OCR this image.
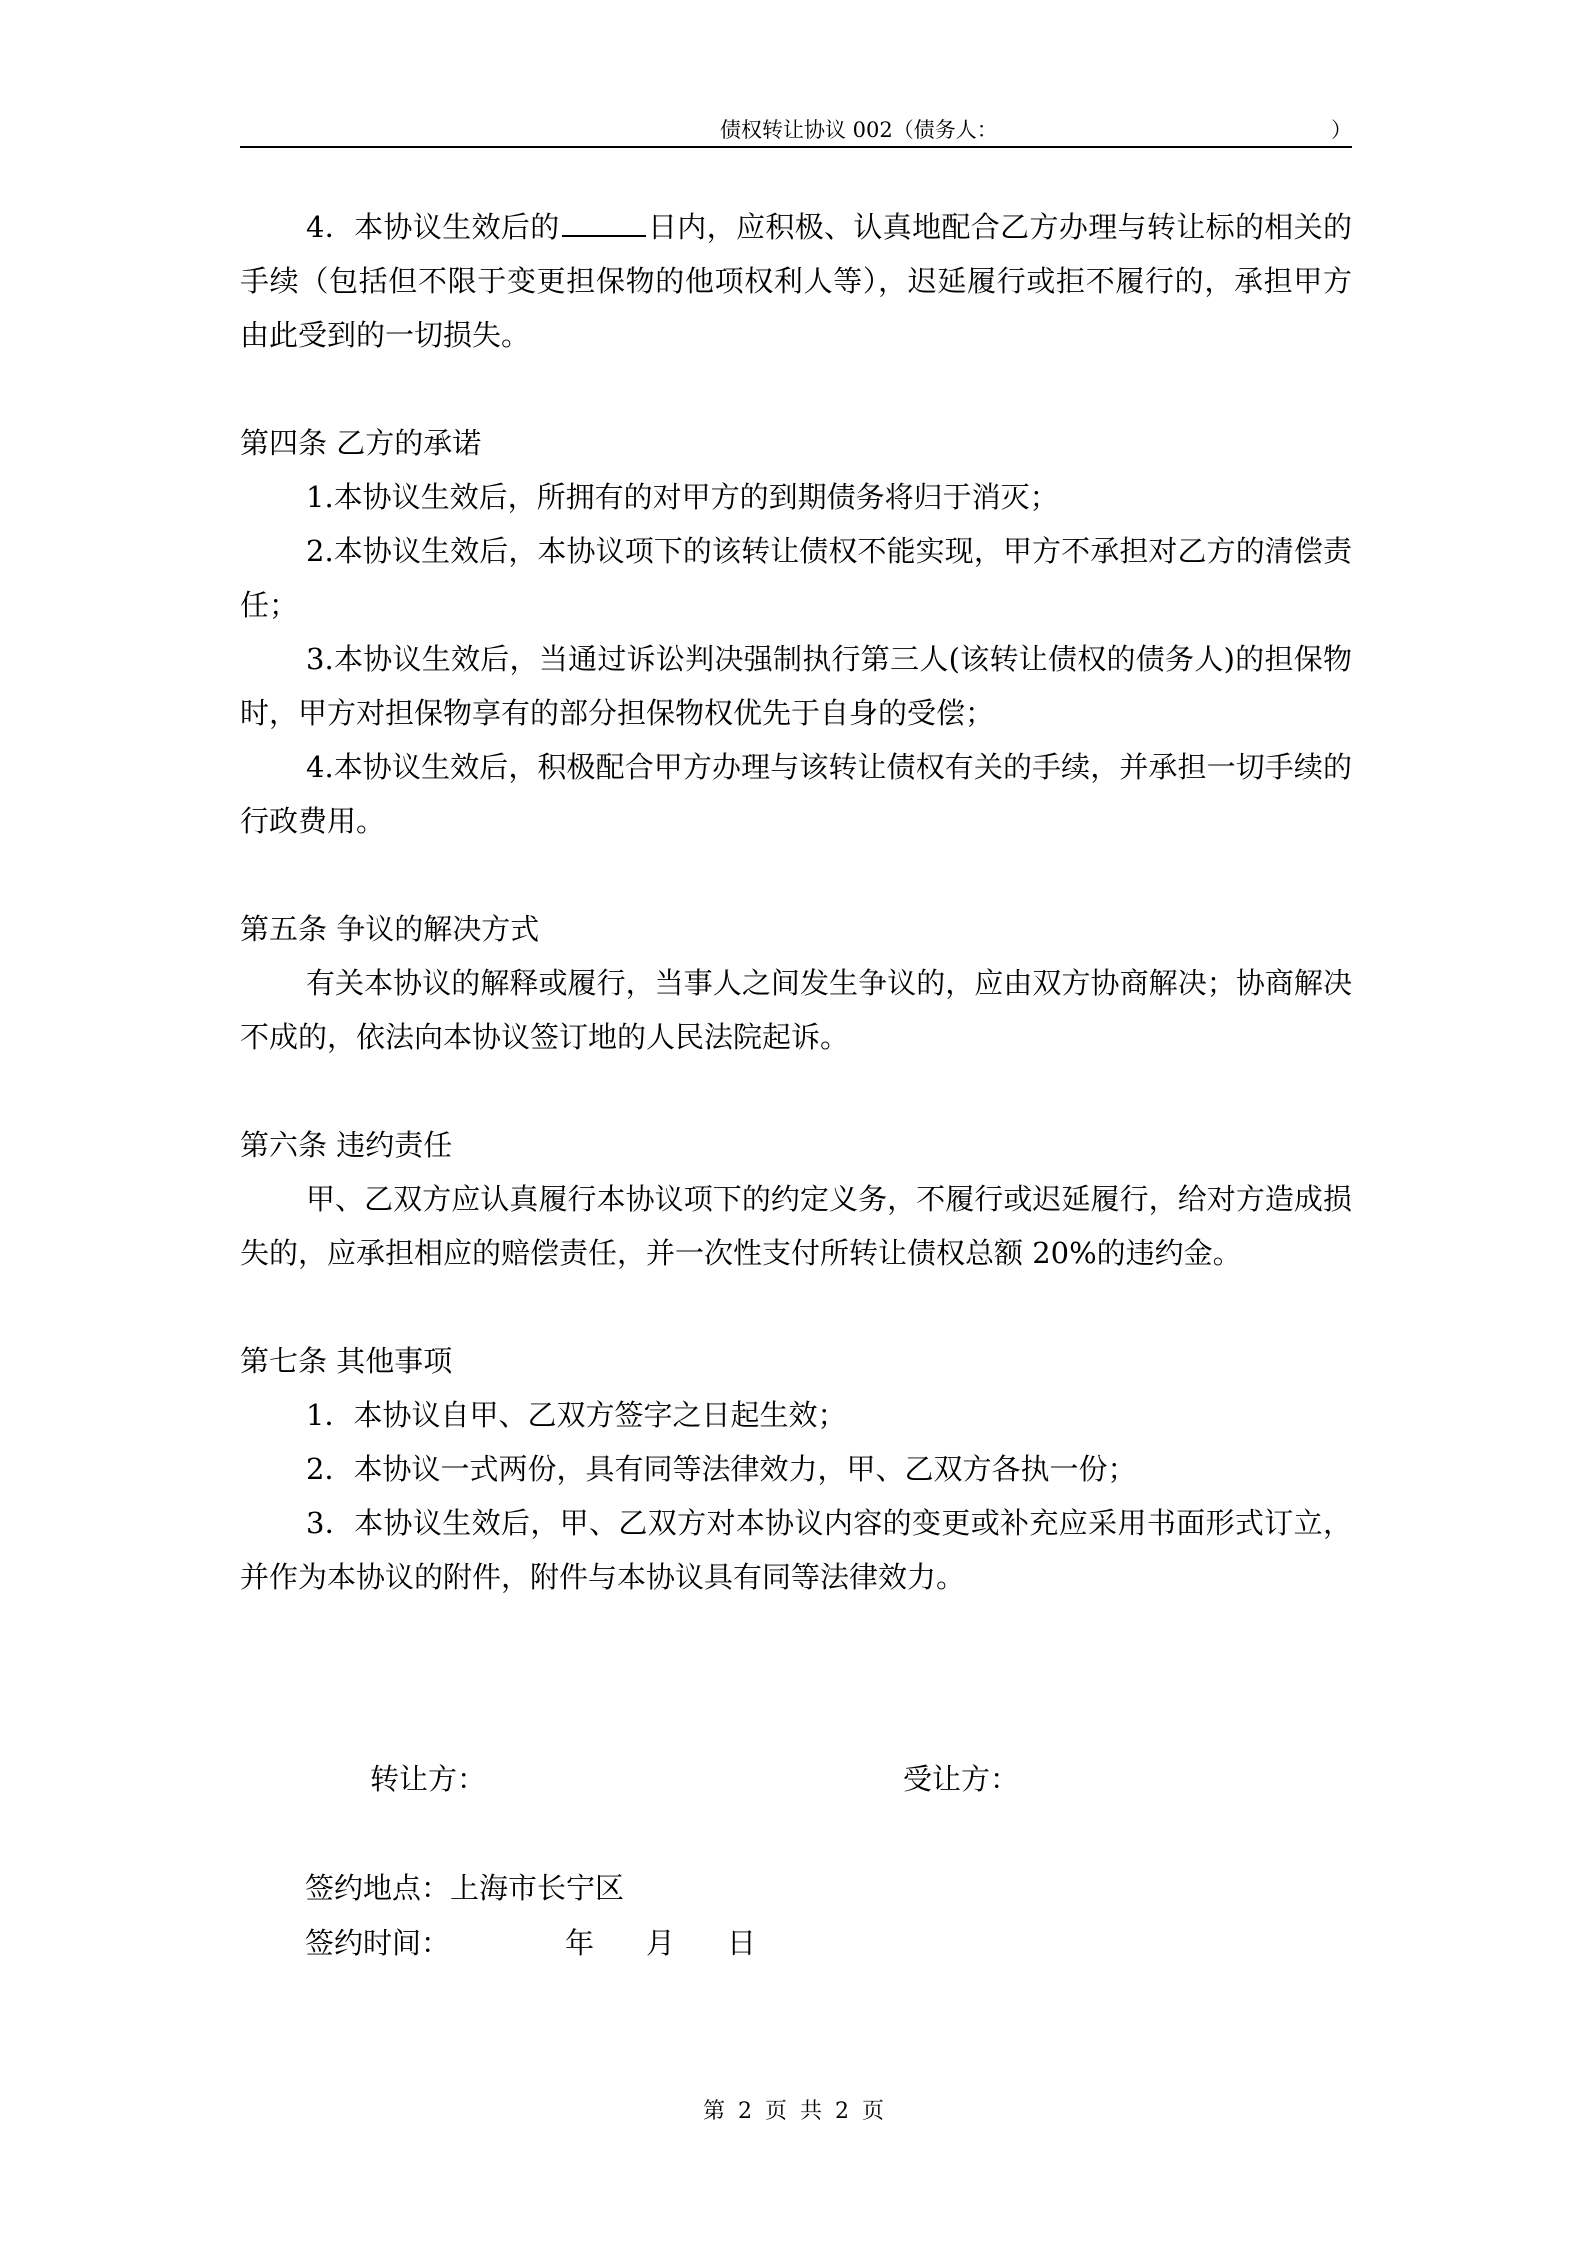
债权转让协议 002（债务人：	）

4．本协议生效后的	日内，应积极、认真地配合乙方办理与转让标的相关的手续（包括但不限于变更担保物的他项权利人等），迟延履行或拒不履行的，承担甲方由此受到的一切损失。

第四条 乙方的承诺

1.本协议生效后，所拥有的对甲方的到期债务将归于消灭；

2.本协议生效后，本协议项下的该转让债权不能实现，甲方不承担对乙方的清偿责任；

3.本协议生效后，当通过诉讼判决强制执行第三人(该转让债权的债务人)的担保物时，甲方对担保物享有的部分担保物权优先于自身的受偿；

4.本协议生效后，积极配合甲方办理与该转让债权有关的手续，并承担一切手续的行政费用。

第五条 争议的解决方式

有关本协议的解释或履行，当事人之间发生争议的，应由双方协商解决；协商解决不成的，依法向本协议签订地的人民法院起诉。

第六条 违约责任

甲、乙双方应认真履行本协议项下的约定义务，不履行或迟延履行，给对方造成损失的，应承担相应的赔偿责任，并一次性支付所转让债权总额 20%的违约金。

第七条 其他事项

1．本协议自甲、乙双方签字之日起生效；

2．本协议一式两份，具有同等法律效力，甲、乙双方各执一份；

3．本协议生效后，甲、乙双方对本协议内容的变更或补充应采用书面形式订立，并作为本协议的附件，附件与本协议具有同等法律效力。

转让方：	受让方：
签约地点：上海市长宁区
签约时间：	年 月 日
第 2 页 共 2 页
